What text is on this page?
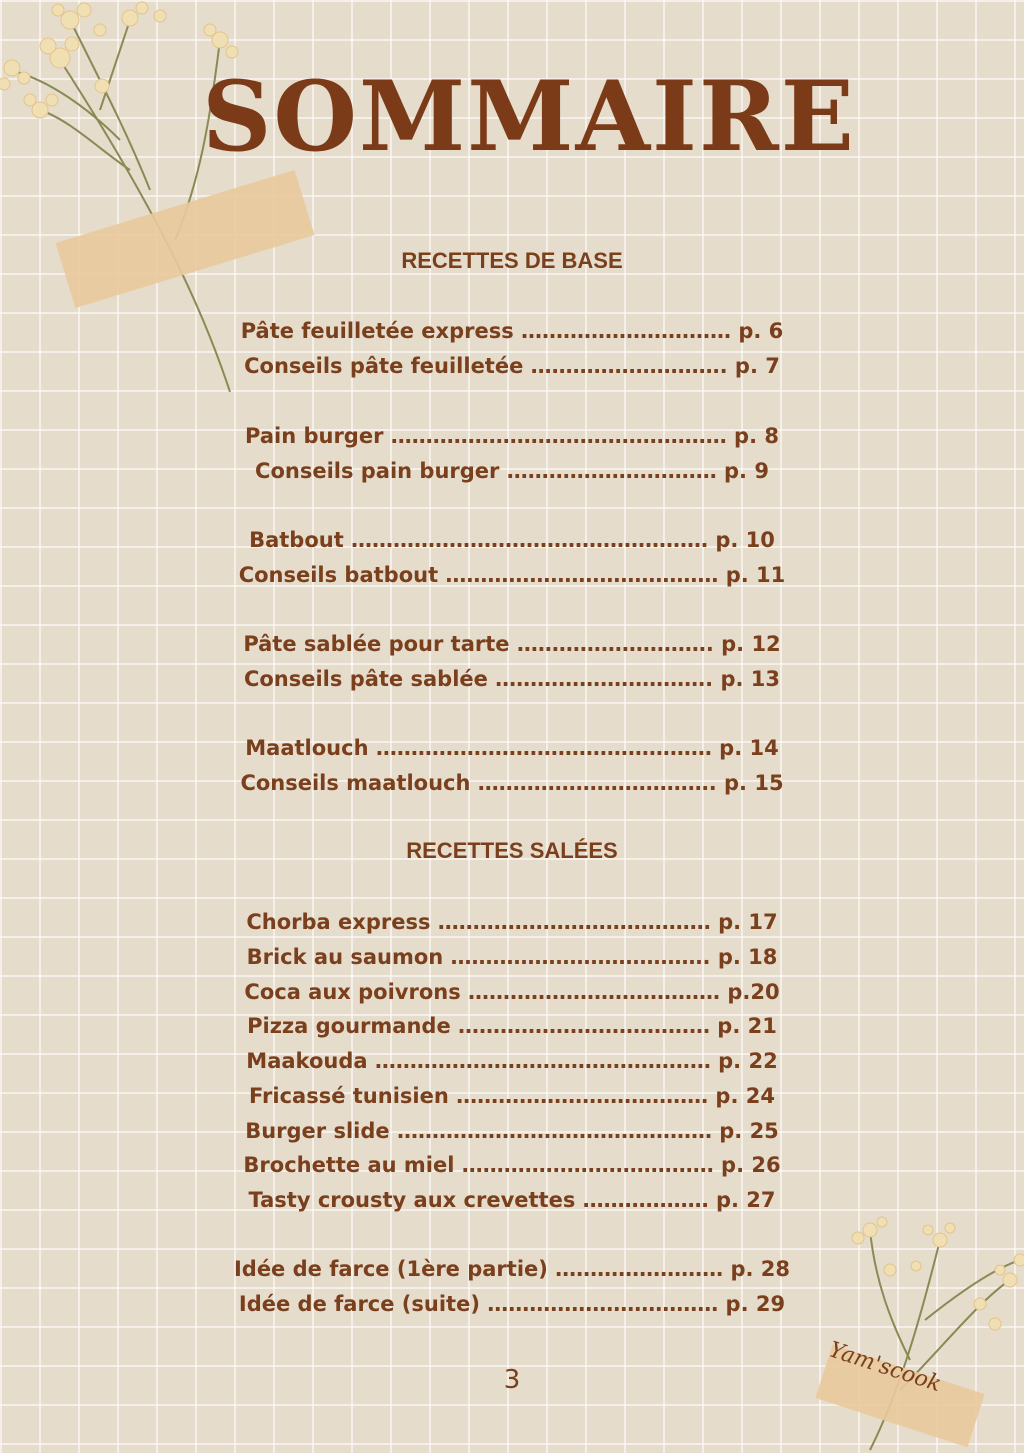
Yam'scook
SOMMAIRE
RECETTES DE BASE
Pâte feuilletée express ………………………… p. 6
Conseils pâte feuilletée ………………………. p. 7
Pain burger ………………………………………… p. 8
Conseils pain burger ………………………… p. 9
Batbout …………………………………………… p. 10
Conseils batbout ………………………………… p. 11
Pâte sablée pour tarte ………………………. p. 12
Conseils pâte sablée …………………………. p. 13
Maatlouch ………………………………………… p. 14
Conseils maatlouch ……………………………. p. 15
RECETTES SALÉES
Chorba express ………………………………… p. 17
Brick au saumon ………………………………. p. 18
Coca aux poivrons ……………………………… p.20
Pizza gourmande ……………………………… p. 21
Maakouda ………………………………………… p. 22
Fricassé tunisien ……………………………… p. 24
Burger slide ……………………………………… p. 25
Brochette au miel ……………………………… p. 26
Tasty crousty aux crevettes ……………… p. 27
Idée de farce (1ère partie) …………………… p. 28
Idée de farce (suite) …………………………… p. 29
3
